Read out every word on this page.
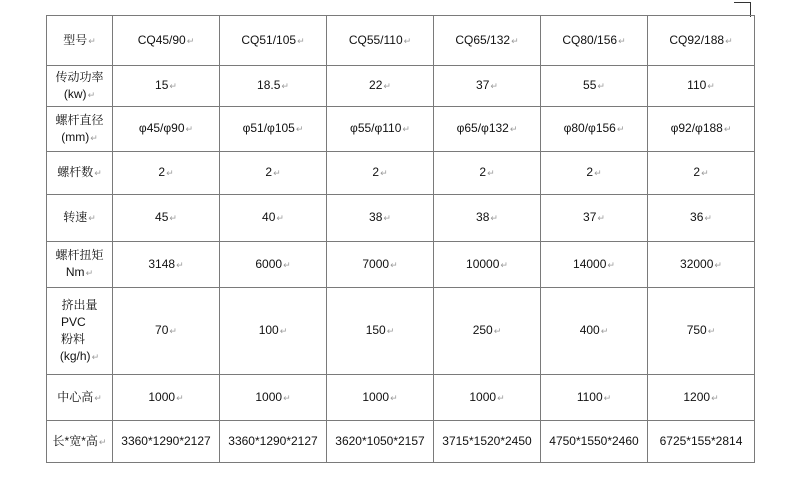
型号↵	CQ45/90↵	CQ51/105↵	CQ55/110↵	CQ65/132↵	CQ80/156↵	CQ92/188↵

传动功率
(kw)↵	15↵	18.5↵	22↵	37↵	55↵	110↵

螺杆直径
(mm)↵	φ45/φ90↵	φ51/φ105↵	φ55/φ110↵	φ65/φ132↵	φ80/φ156↵	φ92/φ188↵
螺杆数↵	2↵	2↵	2↵	2↵	2↵	2↵
转速↵	45↵	40↵	38↵	38↵	37↵	36↵

螺杆扭矩
Nm↵	3148↵	6000↵	7000↵	10000↵	14000↵	32000↵

挤出量
PVC
粉料
(kg/h)↵	70↵	100↵	150↵	250↵	400↵	750↵
中心高↵	1000↵	1000↵	1000↵	1000↵	1100↵	1200↵
长*宽*高↵	3360*1290*2127	3360*1290*2127	3620*1050*2157	3715*1520*2450	4750*1550*2460	6725*155*2814
